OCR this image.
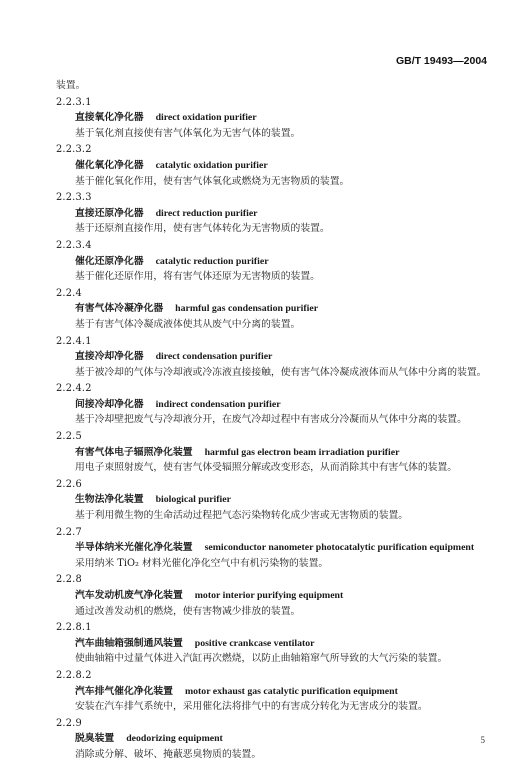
GB/T 19493—2004
装置。
2.2.3.1
直接氧化净化器 direct oxidation purifier
基于氧化剂直接使有害气体氧化为无害气体的装置。
2.2.3.2
催化氧化净化器 catalytic oxidation purifier
基于催化氧化作用，使有害气体氧化或燃烧为无害物质的装置。
2.2.3.3
直接还原净化器 direct reduction purifier
基于还原剂直接作用，使有害气体转化为无害物质的装置。
2.2.3.4
催化还原净化器 catalytic reduction purifier
基于催化还原作用，将有害气体还原为无害物质的装置。
2.2.4
有害气体冷凝净化器 harmful gas condensation purifier
基于有害气体冷凝成液体使其从废气中分离的装置。
2.2.4.1
直接冷却净化器 direct condensation purifier
基于被冷却的气体与冷却液或冷冻液直接接触，使有害气体冷凝成液体而从气体中分离的装置。
2.2.4.2
间接冷却净化器 indirect condensation purifier
基于冷却壁把废气与冷却液分开，在废气冷却过程中有害成分冷凝而从气体中分离的装置。
2.2.5
有害气体电子辐照净化装置 harmful gas electron beam irradiation purifier
用电子束照射废气，使有害气体受辐照分解或改变形态，从而消除其中有害气体的装置。
2.2.6
生物法净化装置 biological purifier
基于利用微生物的生命活动过程把气态污染物转化成少害或无害物质的装置。
2.2.7
半导体纳米光催化净化装置 semiconductor nanometer photocatalytic purification equipment
采用纳米 TiO₂ 材料光催化净化空气中有机污染物的装置。
2.2.8
汽车发动机废气净化装置 motor interior purifying equipment
通过改善发动机的燃烧，使有害物减少排放的装置。
2.2.8.1
汽车曲轴箱强制通风装置 positive crankcase ventilator
使曲轴箱中过量气体进入汽缸再次燃烧，以防止曲轴箱窜气所导致的大气污染的装置。
2.2.8.2
汽车排气催化净化装置 motor exhaust gas catalytic purification equipment
安装在汽车排气系统中，采用催化法将排气中的有害成分转化为无害成分的装置。
2.2.9
脱臭装置 deodorizing equipment
消除或分解、破坏、掩蔽恶臭物质的装置。
5
